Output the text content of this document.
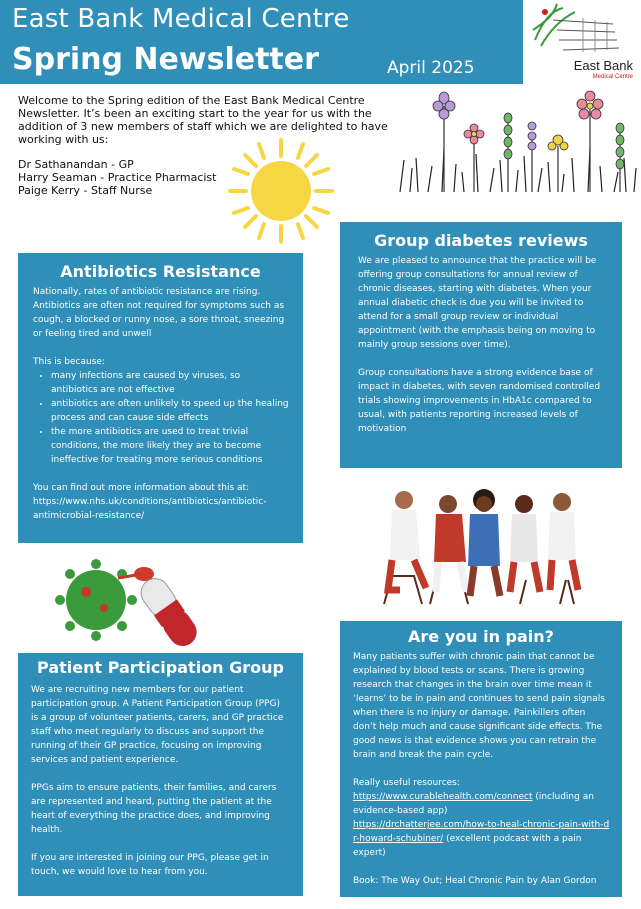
East Bank Medical Centre
Spring Newsletter	April 2025	East Bank
Medical Centre
Welcome to the Spring edition of the East Bank Medical Centre Newsletter. It’s been an exciting start to the year for us with the addition of 3 new members of staff which we are delighted to have working with us:
Dr Sathanandan - GP
Harry Seaman - Practice Pharmacist
Paige Kerry - Staff Nurse
Antibiotics Resistance

Nationally, rates of antibiotic resistance are rising. Antibiotics are often not required for symptoms such as cough, a blocked or runny nose, a sore throat, sneezing or feeling tired and unwell

This is because:

• many infections are caused by viruses, so antibiotics are not effective
• antibiotics are often unlikely to speed up the healing process and can cause side effects
• the more antibiotics are used to treat trivial conditions, the more likely they are to become ineffective for treating more serious conditions

You can find out more information about this at:

https://www.nhs.uk/conditions/antibiotics/antibiotic-antimicrobial-resistance/

Group diabetes reviews

We are pleased to announce that the practice will be offering group consultations for annual review of chronic diseases, starting with diabetes. When your annual diabetic check is due you will be invited to attend for a small group review or individual appointment (with the emphasis being on moving to mainly group sessions over time).

Group consultations have a strong evidence base of impact in diabetes, with seven randomised controlled trials showing improvements in HbA1c compared to usual, with patients reporting increased levels of motivation

Patient Participation Group

We are recruiting new members for our patient participation group. A Patient Participation Group (PPG) is a group of volunteer patients, carers, and GP practice staff who meet regularly to discuss and support the running of their GP practice, focusing on improving services and patient experience.

PPGs aim to ensure patients, their families, and carers are represented and heard, putting the patient at the heart of everything the practice does, and improving health.

If you are interested in joining our PPG, please get in touch, we would love to hear from you.

Are you in pain?

Many patients suffer with chronic pain that cannot be explained by blood tests or scans. There is growing research that changes in the brain over time mean it ‘learns’ to be in pain and continues to send pain signals when there is no injury or damage. Painkillers often don’t help much and cause significant side effects. The good news is that evidence shows you can retrain the brain and break the pain cycle.

Really useful resources:

https://www.curablehealth.com/connect (including an evidence-based app)

https://drchatterjee.com/how-to-heal-chronic-pain-with-dr-howard-schubiner/ (excellent podcast with a pain expert)

Book: The Way Out; Heal Chronic Pain by Alan Gordon
